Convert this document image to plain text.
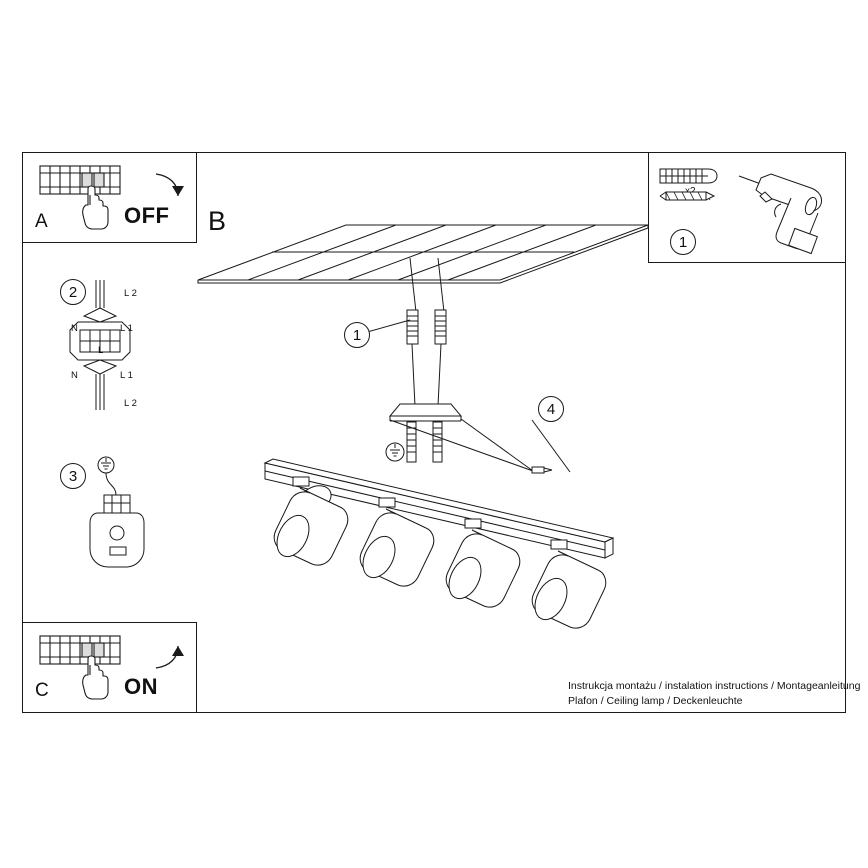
A	OFF B
1
4
Instrukcja montażu / instalation instructions / Montageanleitung
Plafon / Ceiling lamp / Deckenleuchte
1
2	L 2
L 1
N
N	L 1
L 2
L
3
C	ON
